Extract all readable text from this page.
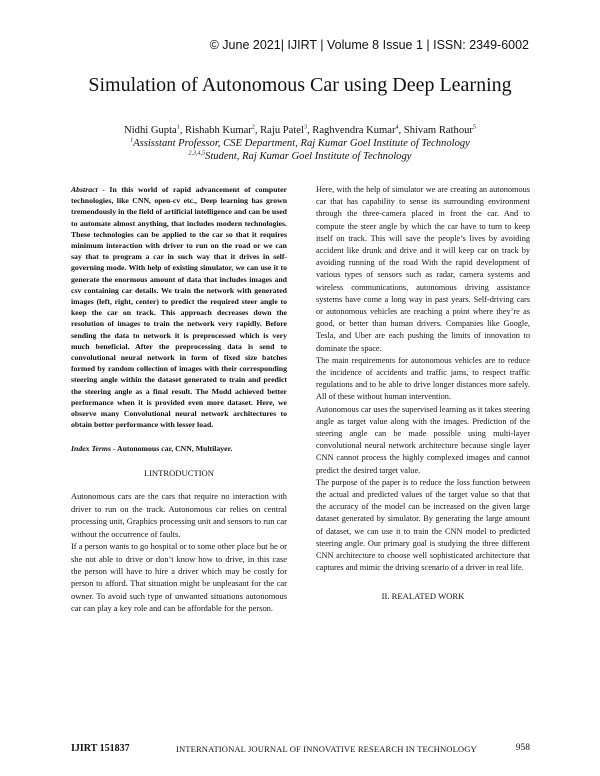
© June 2021| IJIRT | Volume 8 Issue 1 | ISSN: 2349-6002
Simulation of Autonomous Car using Deep Learning
Nidhi Gupta$^1$, Rishabh Kumar$^2$, Raju Patel$^3$, Raghvendra Kumar$^4$, Shivam Rathour$^5$
$^1$Assisstant Professor, CSE Department, Raj Kumar Goel Institute of Technology
$^{2,3,4,5}$Student, Raj Kumar Goel Institute of Technology

Abstract - In this world of rapid advancement of computer technologies, like CNN, open-cv etc., Deep learning has grown tremendously in the field of artificial intelligence and can be used to automate almost anything, that includes modern technologies. These technologies can be applied to the car so that it requires minimum interaction with driver to run on the road or we can say that to program a car in such way that it drives in self-governing mode. With help of existing simulator, we can use it to generate the enormous amount of data that includes images and csv containing car details. We train the network with generated images (left, right, center) to predict the required steer angle to keep the car on track. This approach decreases down the resolution of images to train the network very rapidly. Before sending the data to network it is preprocessed which is very much beneficial. After the preprocessing data is send to convolutional neural network in form of fixed size batches formed by random collection of images with their corresponding steering angle within the dataset generated to train and predict the steering angle as a final result. The Modd achieved better performance when it is provided even more dataset. Here, we observe many Convolutional neural network architectures to obtain better performance with lesser load.

Index Terms - Autonomous car, CNN, Multilayer.

I.INTRODUCTION

Autonomous cars are the cars that require no interaction with driver to run on the track. Autonomous car relies on central processing unit, Graphics processing unit and sensors to run car without the occurrence of faults.

If a person wants to go hospital or to some other place but he or she not able to drive or don’t know how to drive, in this case the person will have to hire a driver which may be costly for person to afford. That situation might be unpleasant for the car owner. To avoid such type of unwanted situations autonomous car can play a key role and can be affordable for the person.

Here, with the help of simulator we are creating an autonomous car that has capability to sense its surrounding environment through the three-camera placed in front the car. And to compute the steer angle by which the car have to turn to keep itself on track. This will save the people’s lives by avoiding accident like drunk and drive and it will keep car on track by avoiding running of the road With the rapid development of various types of sensors such as radar, camera systems and wireless communications, autonomous driving assistance systems have come a long way in past years. Self-driving cars or autonomous vehicles are reaching a point where they’re as good, or better than human drivers. Companies like Google, Tesla, and Uber are each pushing the limits of innovation to dominate the space.

The main requirements for autonomous vehicles are to reduce the incidence of accidents and traffic jams, to respect traffic regulations and to be able to drive longer distances more safely. All of these without human intervention.

Autonomous car uses the supervised learning as it takes steering angle as target value along with the images. Prediction of the steering angle can be made possible using multi-layer convolutional neural network architecture because single layer CNN cannot process the highly complexed images and cannot predict the desired target value.

The purpose of the paper is to reduce the loss function between the actual and predicted values of the target value so that that the accuracy of the model can be increased on the given large dataset generated by simulator. By generating the large amount of dataset, we can use it to train the CNN model to predicted steering angle. Our primary goal is studying the three different CNN architecture to choose well sophisticated architecture that captures and mimic the driving scenario of a driver in real life.

II. REALATED WORK

IJIRT 151837	INTERNATIONAL JOURNAL OF INNOVATIVE RESEARCH IN TECHNOLOGY	958
